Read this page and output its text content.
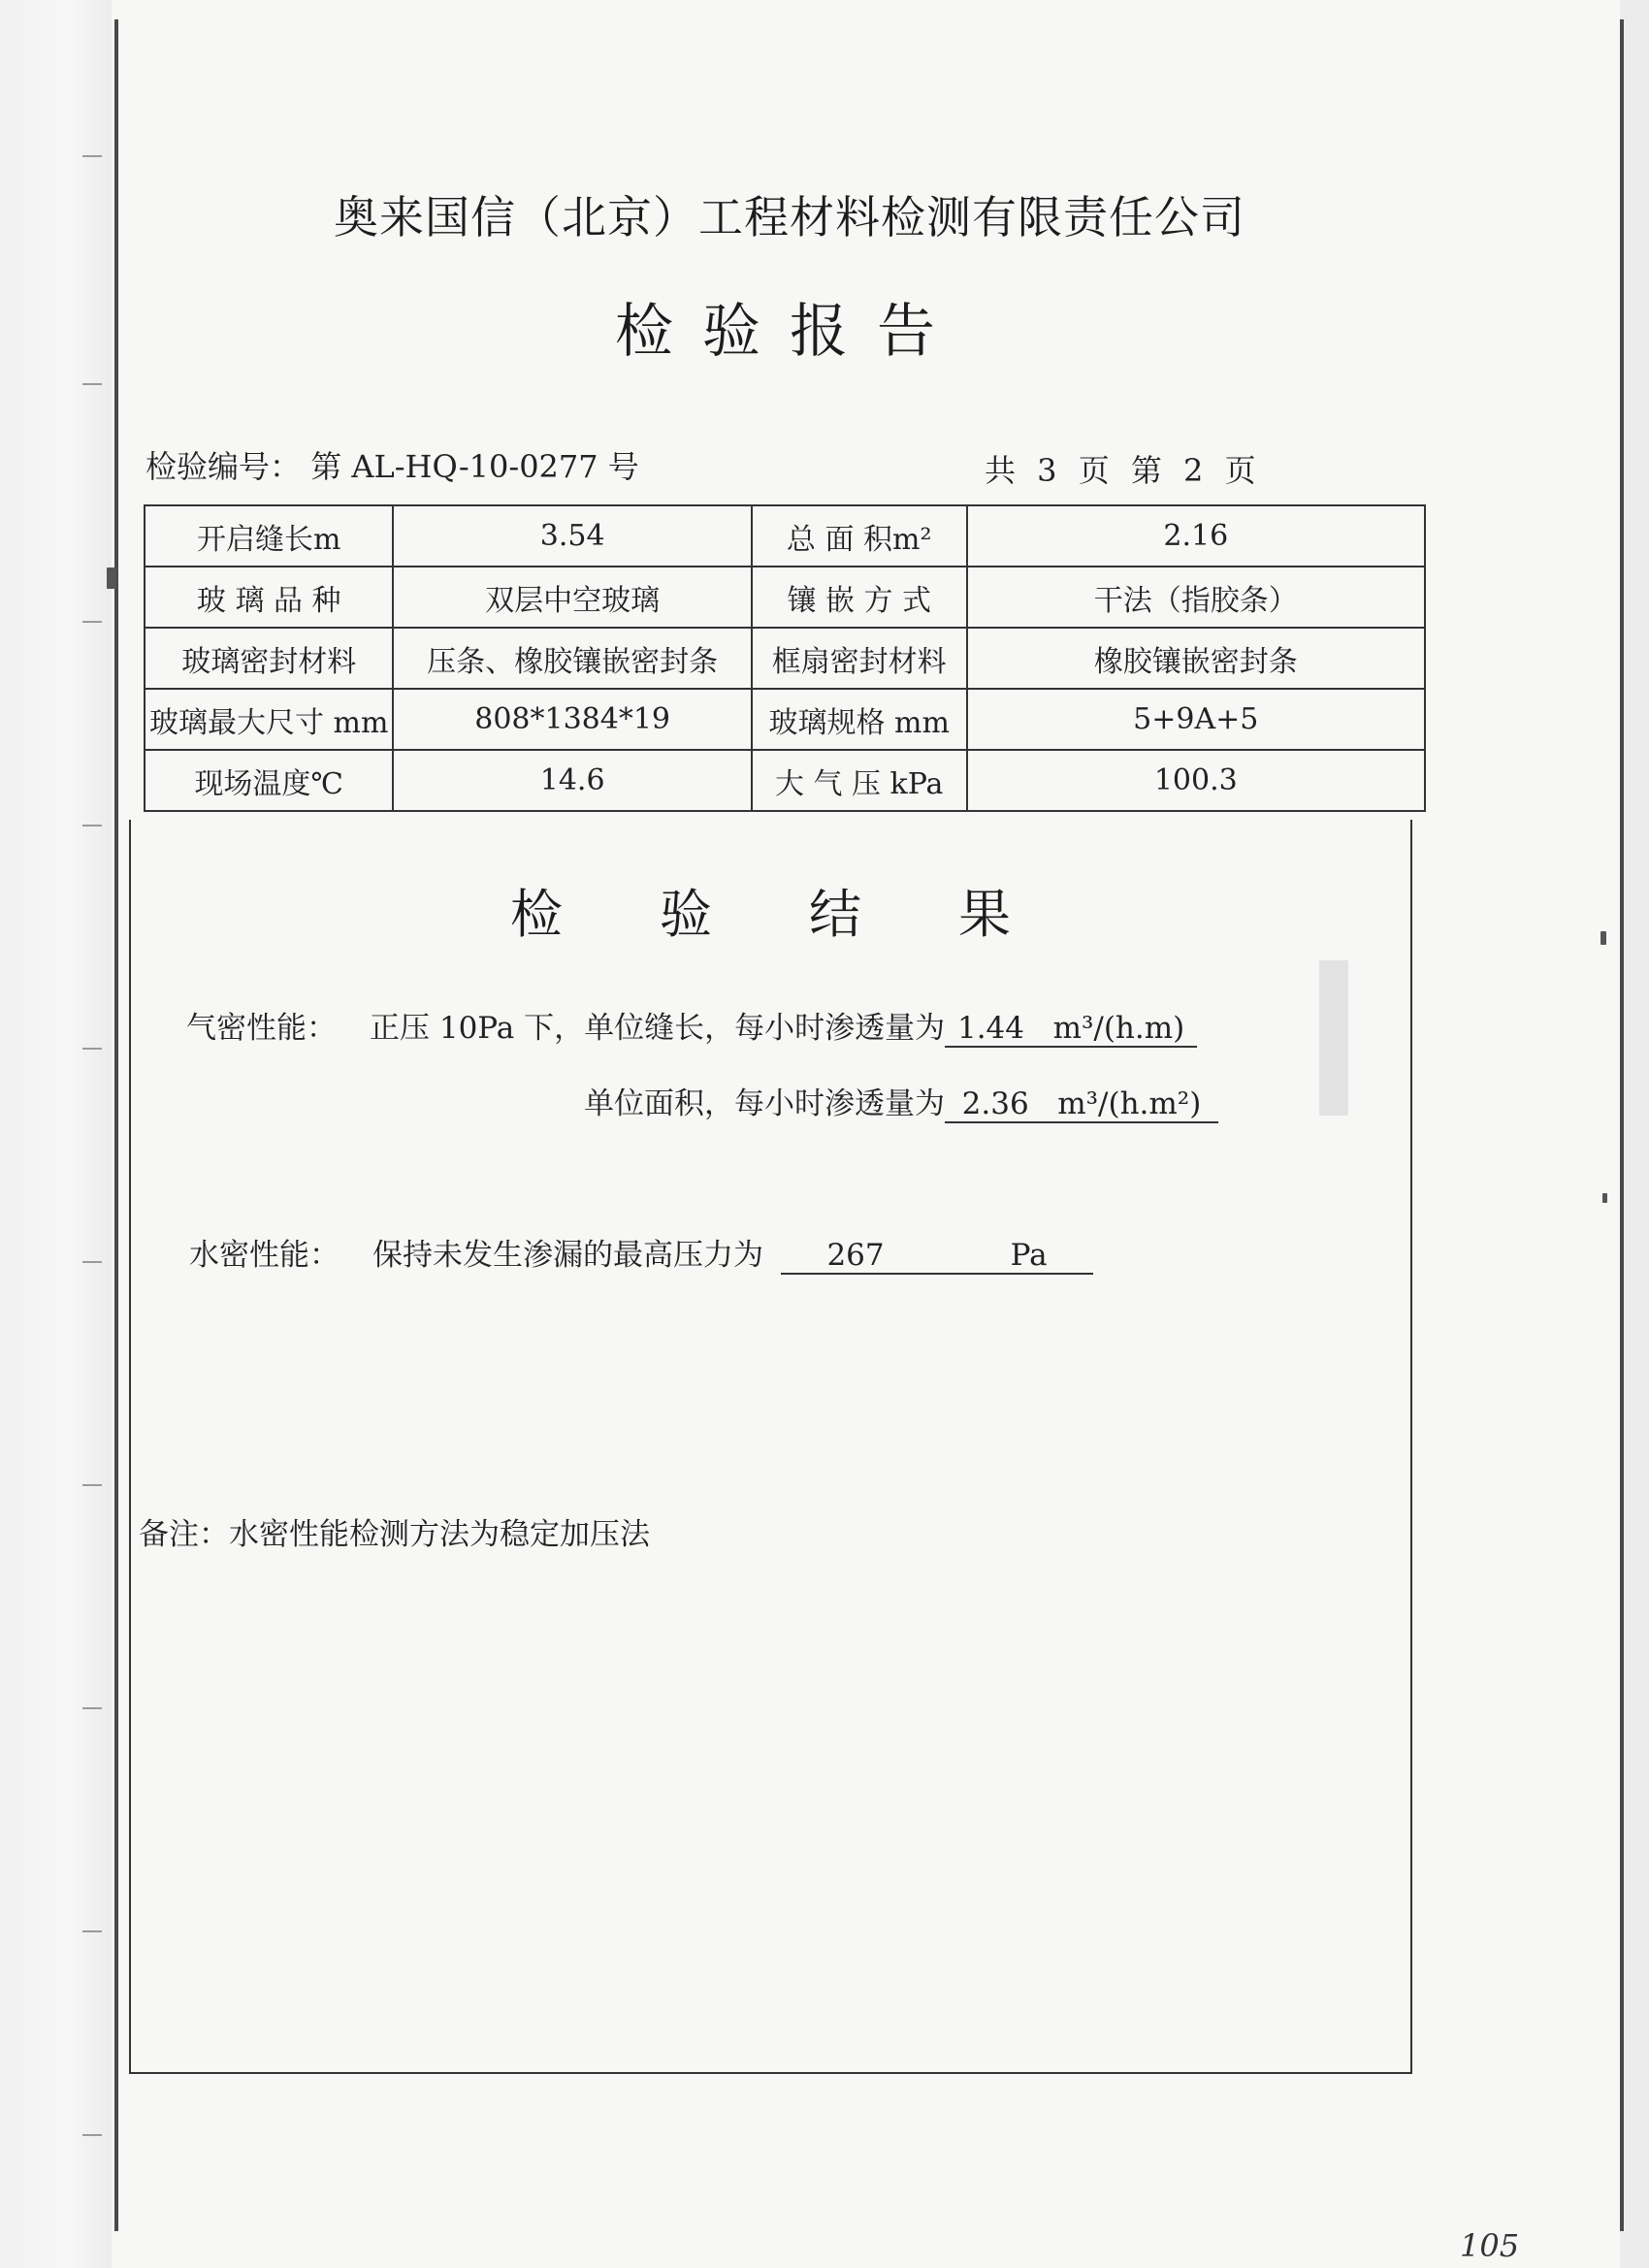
奥来国信（北京）工程材料检测有限责任公司
检验报告
检验编号： 第 AL-HQ-10-0277 号	共 3 页 第 2 页
开启缝长m	3.54	总 面 积m²	2.16
玻 璃 品 种	双层中空玻璃	镶 嵌 方 式	干法（指胶条）
玻璃密封材料	压条、橡胶镶嵌密封条	框扇密封材料	橡胶镶嵌密封条
玻璃最大尺寸 mm	808*1384*19	玻璃规格 mm	5+9A+5
现场温度℃	14.6	大 气 压 kPa	100.3
检验结果
气密性能： 正压 10Pa 下，单位缝长，每小时渗透量为 1.44 m³/(h.m)
单位面积，每小时渗透量为 2.36 m³/(h.m²)
水密性能： 保持未发生渗漏的最高压力为 267	Pa
备注：水密性能检测方法为稳定加压法
105
